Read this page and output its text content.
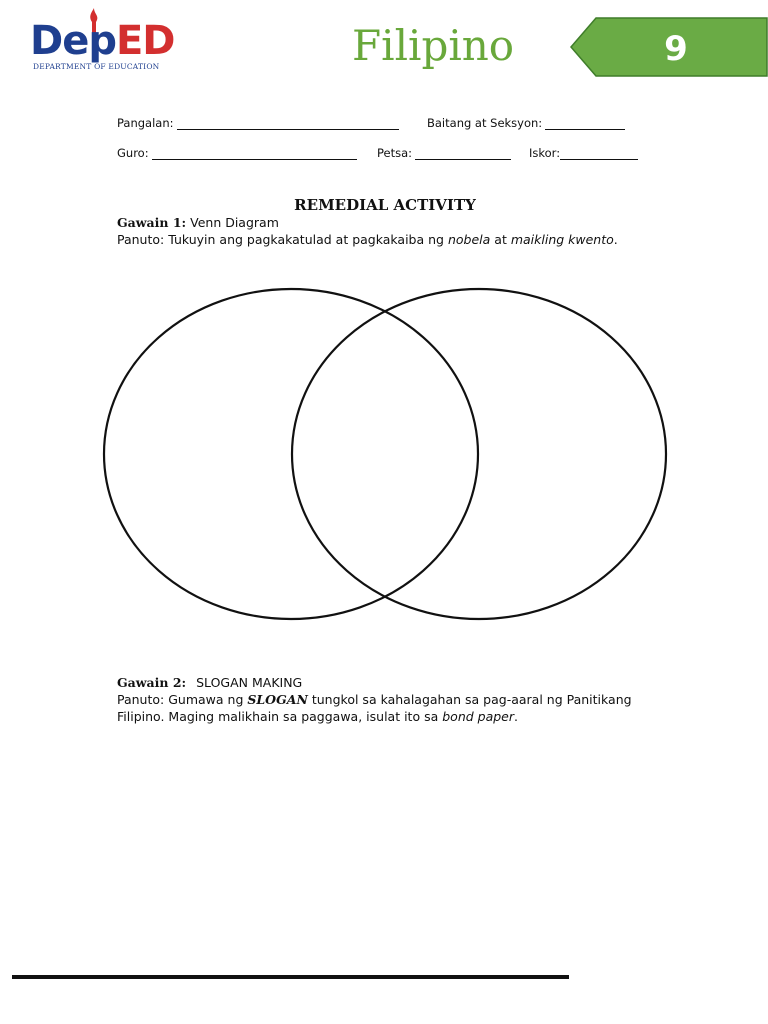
DepED
DEPARTMENT OF EDUCATION	Filipino	9
Pangalan:	Baitang at Seksyon:
Guro:	Petsa:	Iskor:
REMEDIAL ACTIVITY
Gawain 1: Venn Diagram
Panuto: Tukuyin ang pagkakatulad at pagkakaiba ng nobela at maikling kwento.
Gawain 2: SLOGAN MAKING
Panuto: Gumawa ng SLOGAN tungkol sa kahalagahan sa pag-aaral ng Panitikang Filipino. Maging malikhain sa paggawa, isulat ito sa bond paper.
